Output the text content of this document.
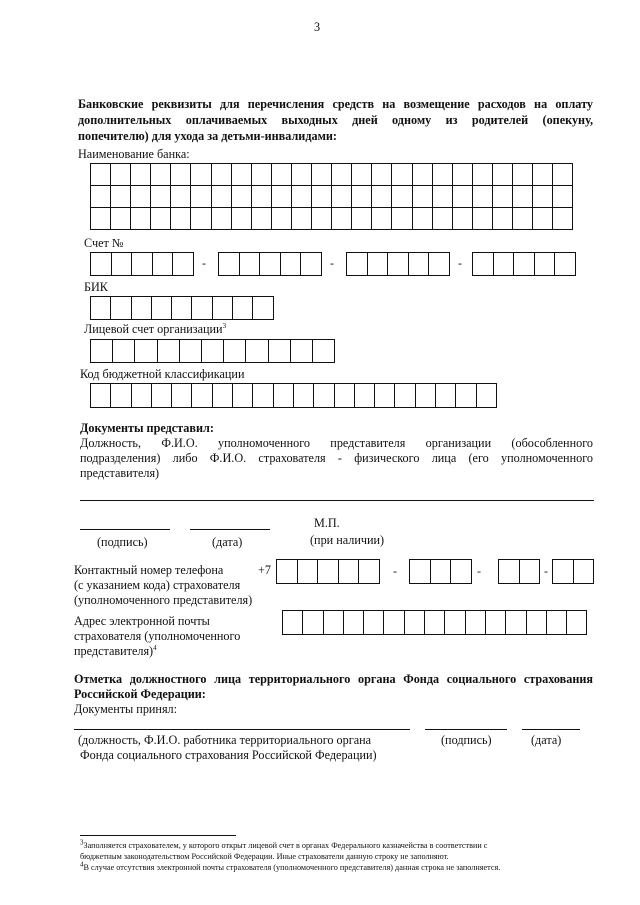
3
Банковские реквизиты для перечисления средств на возмещение расходов на оплату
дополнительных оплачиваемых выходных дней одному из родителей (опекуну,
попечителю) для ухода за детьми-инвалидами:
Наименование банка:
Счет №
-	-	-
БИК
Лицевой счет организации$^3$
Код бюджетной классификации
Документы представил:
Должность, Ф.И.О. уполномоченного представителя организации (обособленного
подразделения) либо Ф.И.О. страхователя - физического лица (его уполномоченного
представителя)
М.П.
(подпись)	(дата)	(при наличии)
Контактный номер телефона
(с указанием кода) страхователя
(уполномоченного представителя)
+7	-	-	-
Адрес электронной почты
страхователя (уполномоченного
представителя)$^4$
Отметка должностного лица территориального органа Фонда социального страхования
Российской Федерации:
Документы принял:
(должность, Ф.И.О. работника территориального органа
Фонда социального страхования Российской Федерации)
(подпись)	(дата)
3Заполняется страхователем, у которого открыт лицевой счет в органах Федерального казначейства в соответствии с
бюджетным законодательством Российской Федерации. Иные страхователи данную строку не заполняют.
4В случае отсутствия электронной почты страхователя (уполномоченного представителя) данная строка не заполняется.
